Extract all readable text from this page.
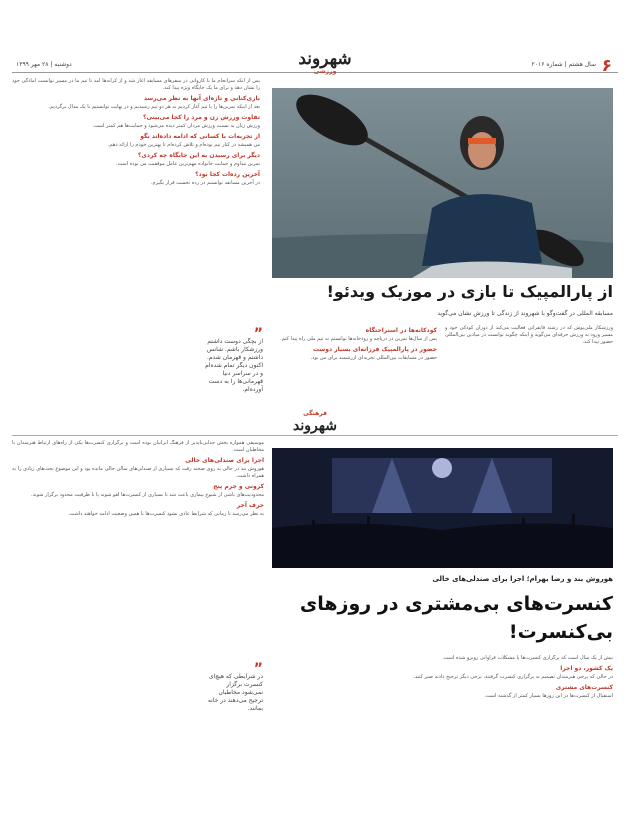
۶
سال هشتم | شماره ۲۰۱۶
شهروند
ورزشی
دوشنبه | ۲۸ مهر ۱۳۹۹

پس از آنکه سرانجام ما با کاروانی در سفرهای مسابقه آغاز شد و از کرانه‌ها آمد تا تیم ما در مسیر توانست آمادگی خود را نشان دهد و برای ما یک جایگاه ویژه پیدا کند.

بازی‌کنانی و تازه‌ای آنها به نظر می‌رسد

بعد از اینکه تمرین‌ها را با تیم آغاز کردیم به هر دو تیم رسیدیم و در نهایت توانستیم با یک مدال برگردیم.

تفاوت ورزش زن و مرد را کجا می‌بینی؟

ورزش زنان به نسبت ورزش مردان کمتر دیده می‌شود و حمایت‌ها هم کمتر است.

از تجربه‌ات با کسانی که ادامه داده‌اند بگو

من همیشه در کنار تیم بوده‌ام و تلاش کرده‌ام تا بهترین خودم را ارائه دهم.

دیگر برای رسیدن به این جایگاه چه کردی؟

تمرین مداوم و حمایت خانواده مهم‌ترین عامل موفقیت من بوده است.

آخرین رده‌ات کجا بود؟

در آخرین مسابقه توانستم در رده نخست قرار بگیرم.

از پارالمپیک تا بازی در موزیک ویدئو!
مسابقه المللی در گفت‌وگو با شهروند از زندگی تا ورزش نشان می‌گوید

ورزشکار ملی‌پوش که در رشته قایقرانی فعالیت می‌کند از دوران کودکی خود و مسیر ورود به ورزش حرفه‌ای می‌گوید و اینکه چگونه توانست در میادین بین‌المللی حضور پیدا کند.

کودکانه‌ها در استراحتگاه

پس از سال‌ها تمرین در دریاچه و رودخانه‌ها توانستم به تیم ملی راه پیدا کنم.

حضور در پارالمپیک فرزانه‌ای بسیار دوست

حضور در مسابقات بین‌المللی تجربه‌ای ارزشمند برای من بود.

”
از بچگی دوست داشتم ورزشکار باشم. شانس داشتم و قهرمان شدم. اکنون دیگر تمام شده‌ام و در سراسر دنیا قهرمانی‌ها را به دست آورده‌ام.
فرهنگی
شهروند
هوروش بند و رضا بهرام؛ اجرا برای صندلی‌های خالی
کنسرت‌های بی‌مشتری در روزهای بی‌کنسرت!

موسیقی همواره بخش جدایی‌ناپذیر از فرهنگ ایرانیان بوده است و برگزاری کنسرت‌ها یکی از راه‌های ارتباط هنرمندان با مخاطبان است.

اجرا برای صندلی‌های خالی

هوروش بند در حالی به روی صحنه رفت که بسیاری از صندلی‌های سالن خالی مانده بود و این موضوع بحث‌های زیادی را به همراه داشت.

کرونی و جرم پنج

محدودیت‌های ناشی از شیوع بیماری باعث شد تا بسیاری از کنسرت‌ها لغو شوند یا با ظرفیت محدود برگزار شوند.

حرف آخر

به نظر می‌رسد تا زمانی که شرایط عادی نشود کنسرت‌ها با همین وضعیت ادامه خواهند داشت.

بیش از یک سال است که برگزاری کنسرت‌ها با مشکلات فراوانی روبرو شده است.

یک کشور، دو اجرا

در حالی که برخی هنرمندان تصمیم به برگزاری کنسرت گرفتند، برخی دیگر ترجیح دادند صبر کنند.

کنسرت‌های مشتری

استقبال از کنسرت‌ها در این روزها بسیار کمتر از گذشته است.

”
در شرایطی که هیچ‌ای کنسرت برگزار نمی‌شود مخاطبان ترجیح می‌دهند در خانه بمانند.
